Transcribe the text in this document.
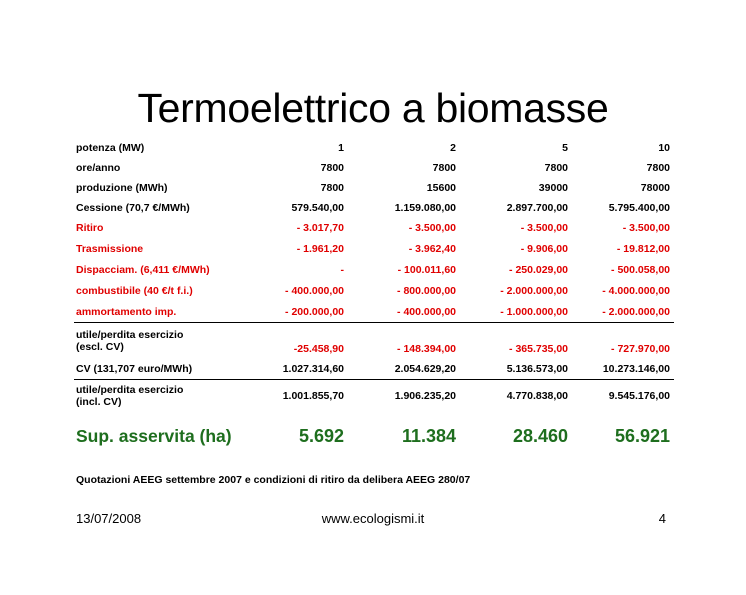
Termoelettrico a biomasse
potenza (MW)	1	2	5	10
ore/anno	7800	7800	7800	7800
produzione (MWh)	7800	15600	39000	78000
Cessione (70,7 €/MWh)	579.540,00	1.159.080,00	2.897.700,00	5.795.400,00
Ritiro	- 3.017,70	- 3.500,00	- 3.500,00	- 3.500,00
Trasmissione	- 1.961,20	- 3.962,40	- 9.906,00	- 19.812,00
Dispacciam. (6,411 €/MWh)	-	- 100.011,60	- 250.029,00	- 500.058,00
combustibile (40 €/t f.i.)	- 400.000,00	- 800.000,00	- 2.000.000,00	- 4.000.000,00
ammortamento imp.	- 200.000,00	- 400.000,00	- 1.000.000,00	- 2.000.000,00
utile/perdita esercizio
(escl. CV)	-25.458,90	- 148.394,00	- 365.735,00	- 727.970,00
CV (131,707 euro/MWh)	1.027.314,60	2.054.629,20	5.136.573,00	10.273.146,00
utile/perdita esercizio
(incl. CV)	1.001.855,70	1.906.235,20	4.770.838,00	9.545.176,00
Sup. asservita (ha)	5.692	11.384	28.460	56.921
Quotazioni AEEG settembre 2007 e condizioni di ritiro da delibera AEEG 280/07
13/07/2008	www.ecologismi.it	4
